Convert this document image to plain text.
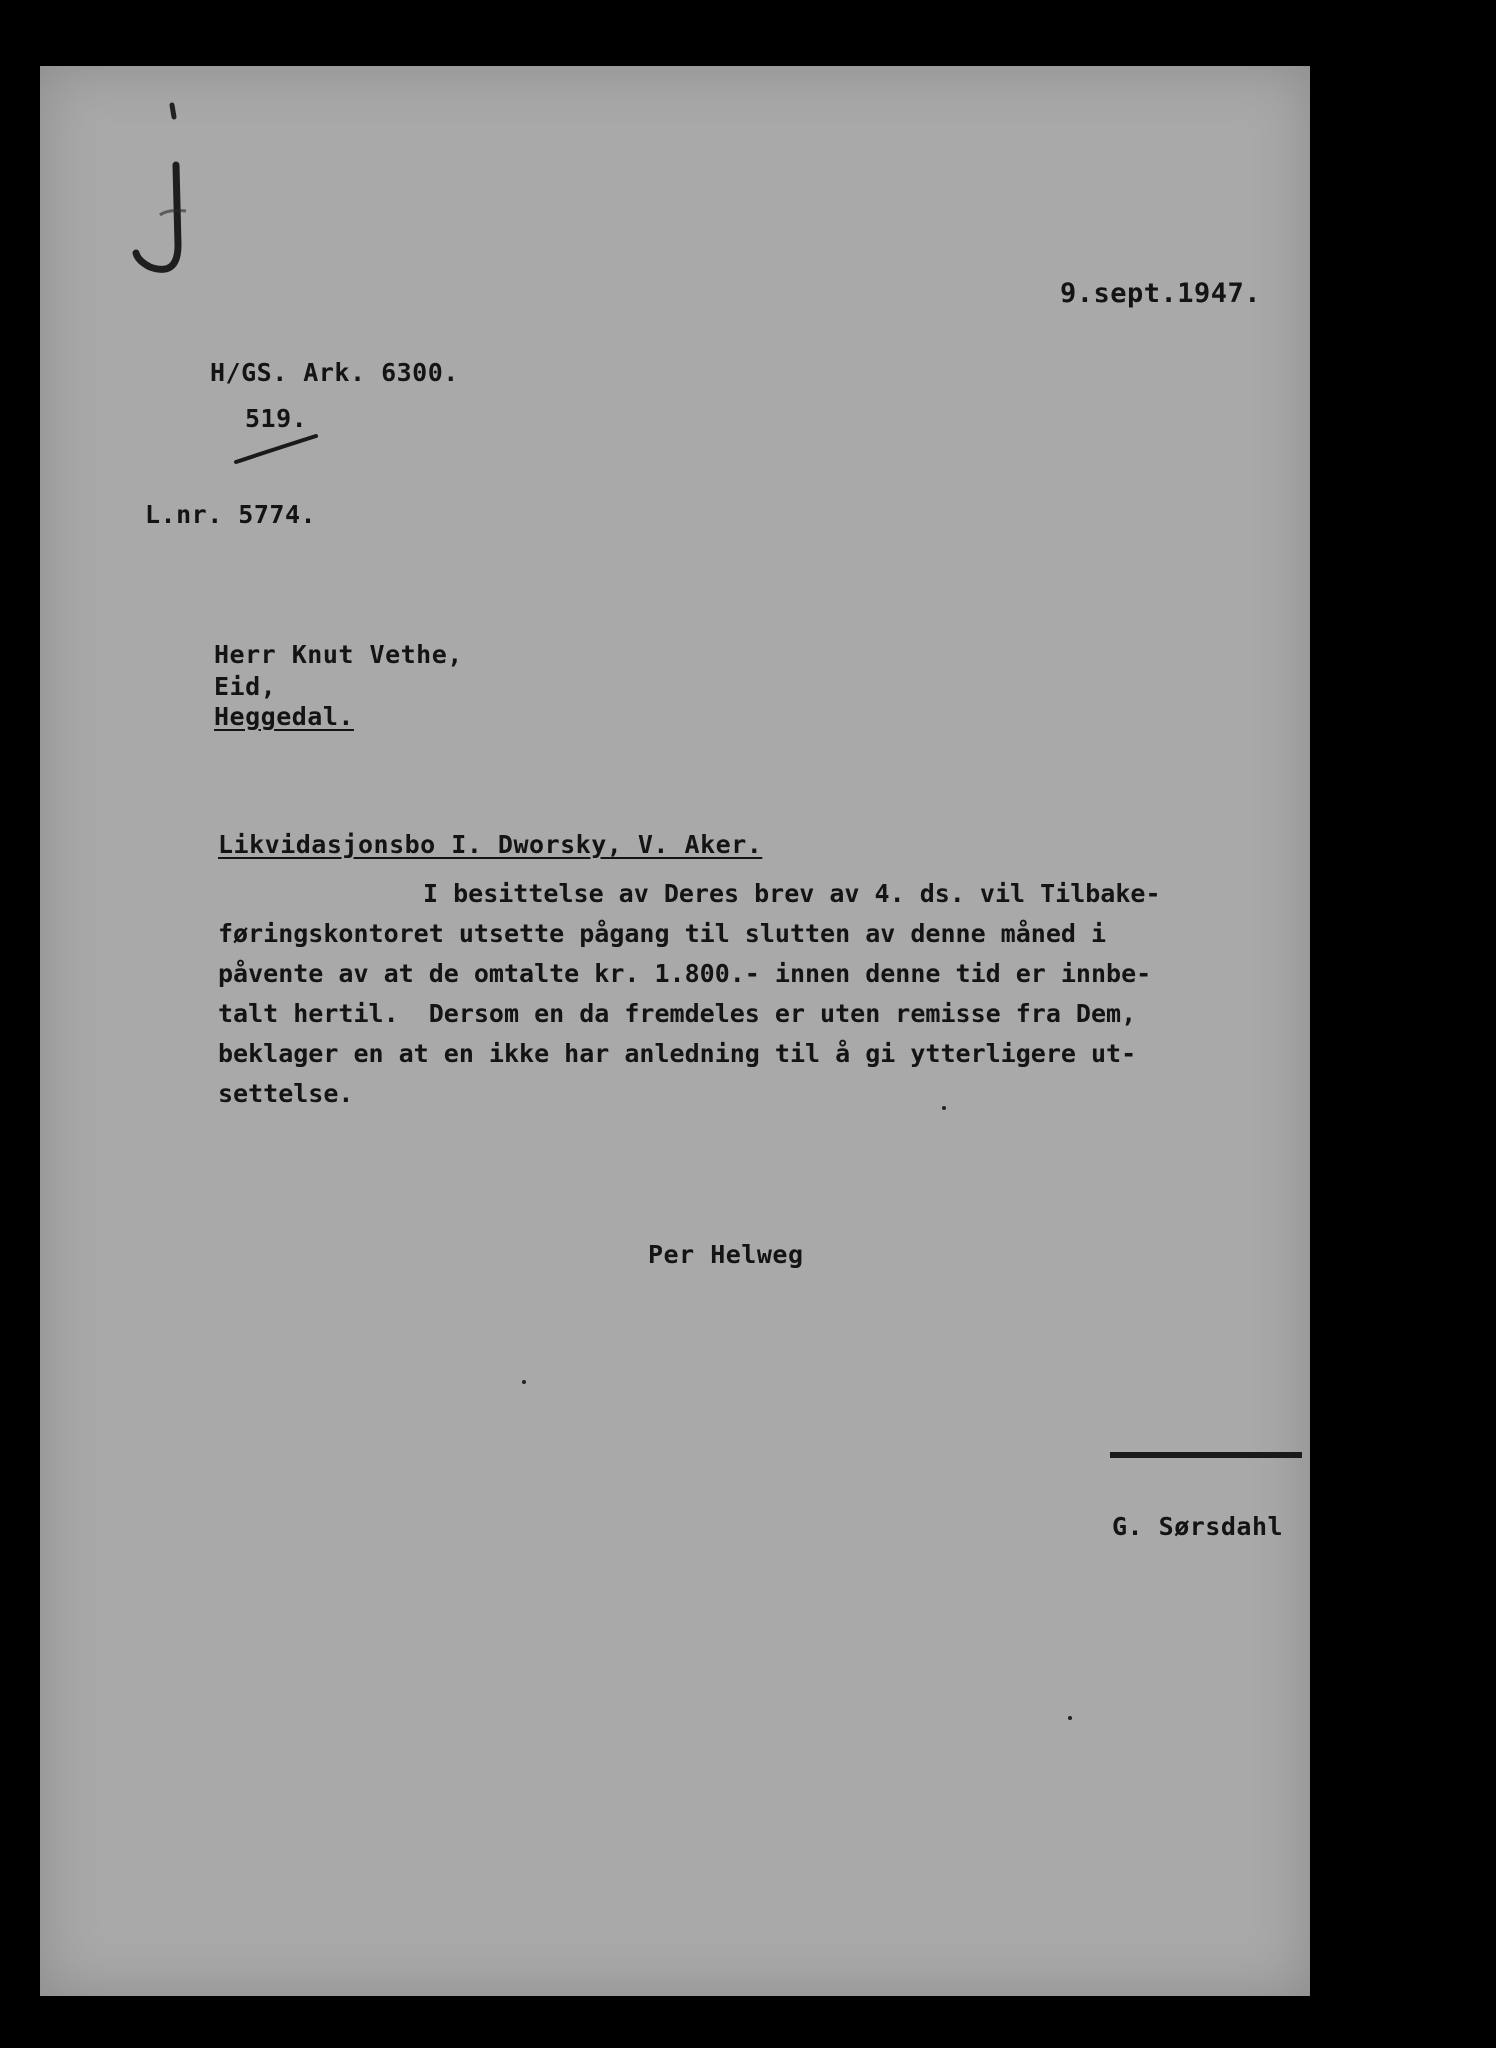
9.sept.1947.
H/GS. Ark. 6300.
519.
L.nr. 5774.
Herr Knut Vethe,
Eid,
Heggedal.
Likvidasjonsbo I. Dworsky, V. Aker.
I besittelse av Deres brev av 4. ds. vil Tilbake-
føringskontoret utsette pågang til slutten av denne måned i
påvente av at de omtalte kr. 1.800.- innen denne tid er innbe-
talt hertil.  Dersom en da fremdeles er uten remisse fra Dem,
beklager en at en ikke har anledning til å gi ytterligere ut-
settelse.
Per Helweg
G. Sørsdahl
